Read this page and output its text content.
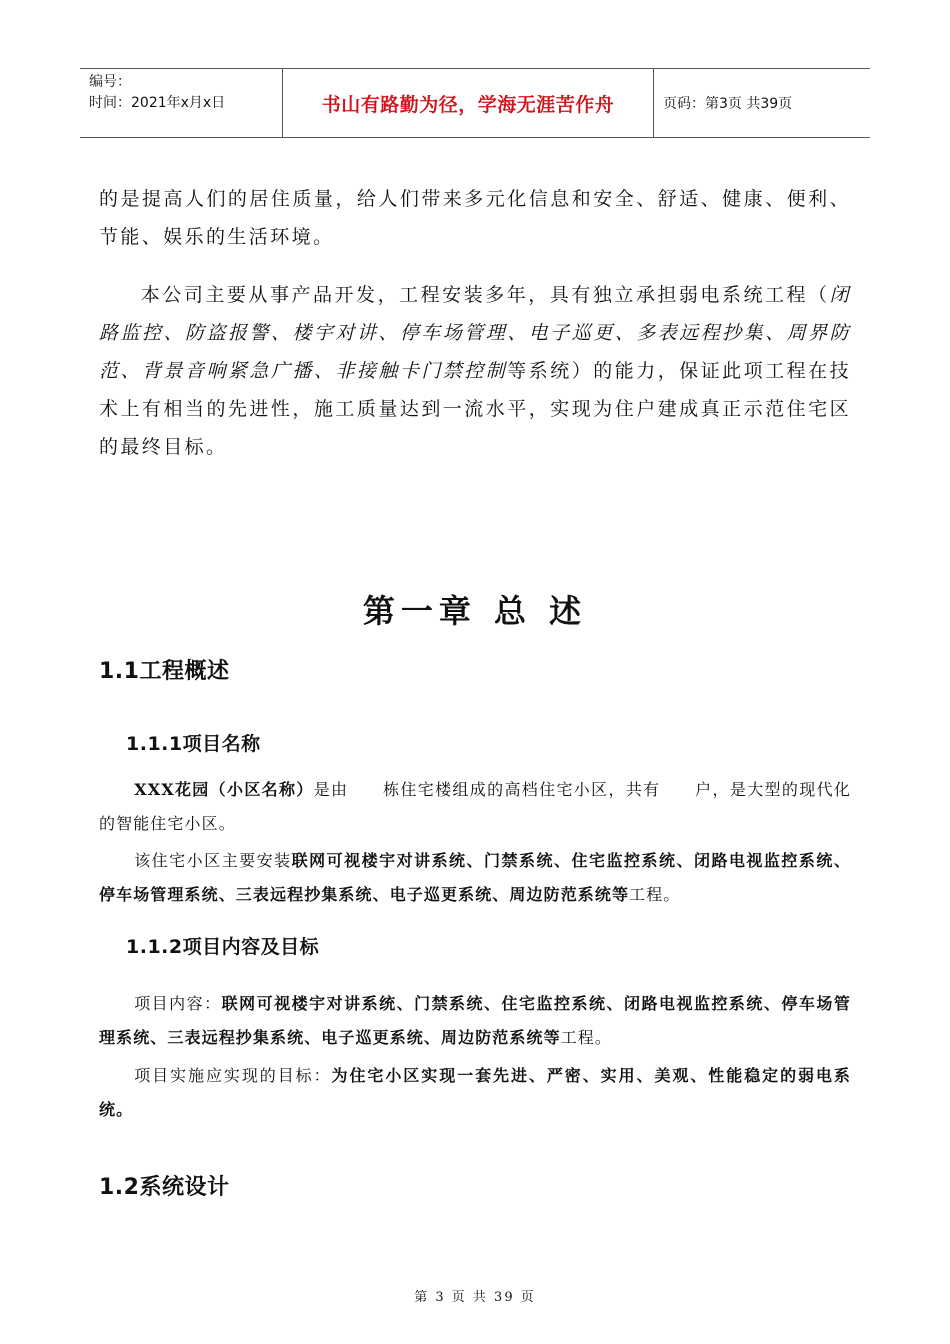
编号：
时间：2021年x月x日	书山有路勤为径，学海无涯苦作舟	页码：第3页 共39页

的是提高人们的居住质量，给人们带来多元化信息和安全、舒适、健康、便利、节能、娱乐的生活环境。

本公司主要从事产品开发，工程安装多年，具有独立承担弱电系统工程（闭路监控、防盗报警、楼宇对讲、停车场管理、电子巡更、多表远程抄集、周界防范、背景音响紧急广播、非接触卡门禁控制等系统）的能力，保证此项工程在技术上有相当的先进性，施工质量达到一流水平，实现为住户建成真正示范住宅区的最终目标。

第一章 总 述
1.1工程概述
1.1.1项目名称

XXX花园（小区名称）是由　　栋住宅楼组成的高档住宅小区，共有　　户，是大型的现代化的智能住宅小区。

该住宅小区主要安装联网可视楼宇对讲系统、门禁系统、住宅监控系统、闭路电视监控系统、停车场管理系统、三表远程抄集系统、电子巡更系统、周边防范系统等工程。

1.1.2项目内容及目标

项目内容：联网可视楼宇对讲系统、门禁系统、住宅监控系统、闭路电视监控系统、停车场管理系统、三表远程抄集系统、电子巡更系统、周边防范系统等工程。

项目实施应实现的目标：为住宅小区实现一套先进、严密、实用、美观、性能稳定的弱电系统。

1.2系统设计
第 3 页 共 39 页
